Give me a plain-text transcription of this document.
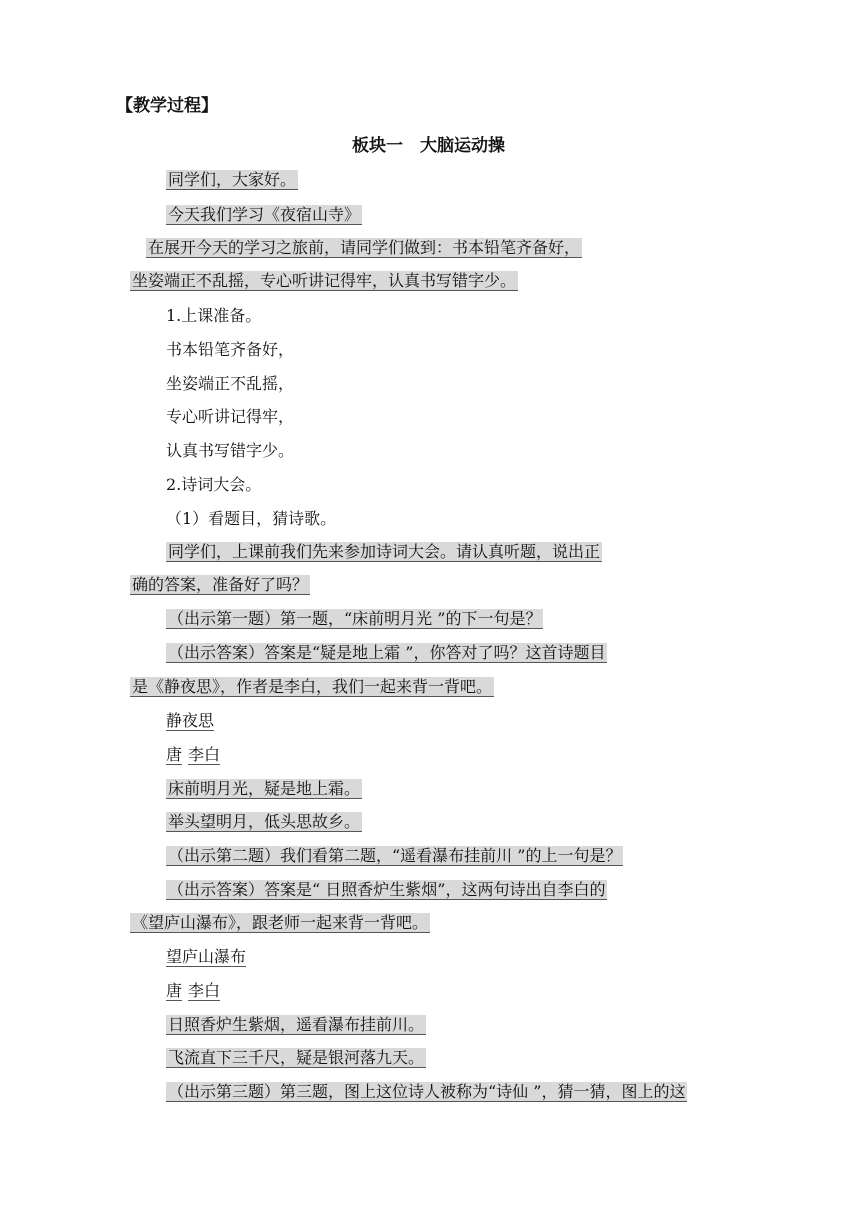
【教学过程】
板块一　大脑运动操
同学们，大家好。
今天我们学习《夜宿山寺》
在展开今天的学习之旅前，请同学们做到：书本铅笔齐备好，
坐姿端正不乱摇，专心听讲记得牢，认真书写错字少。
1.上课准备。
书本铅笔齐备好，
坐姿端正不乱摇，
专心听讲记得牢，
认真书写错字少。
2.诗词大会。
（1）看题目，猜诗歌。
同学们，上课前我们先来参加诗词大会。请认真听题，说出正
确的答案，准备好了吗？
（出示第一题）第一题，“床前明月光 ”的下一句是？
（出示答案）答案是“疑是地上霜 ”，你答对了吗？这首诗题目
是《静夜思》，作者是李白，我们一起来背一背吧。
静夜思
唐 李白
床前明月光，疑是地上霜。
举头望明月，低头思故乡。
（出示第二题）我们看第二题，“遥看瀑布挂前川 ”的上一句是？
（出示答案）答案是“ 日照香炉生紫烟”，这两句诗出自李白的
《望庐山瀑布》，跟老师一起来背一背吧。
望庐山瀑布
唐 李白
日照香炉生紫烟，遥看瀑布挂前川。
飞流直下三千尺，疑是银河落九天。
（出示第三题）第三题，图上这位诗人被称为“诗仙 ”，猜一猜，图上的这
